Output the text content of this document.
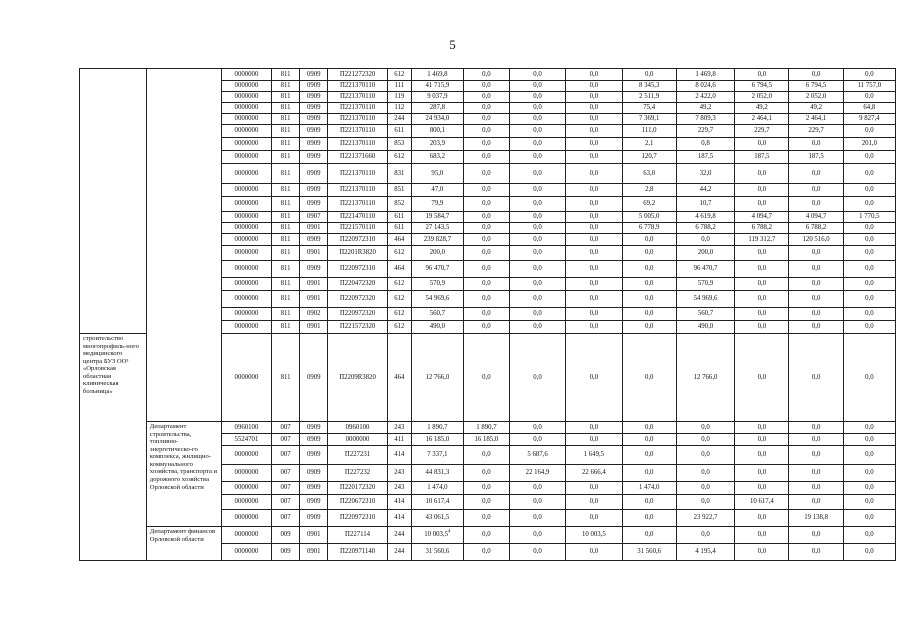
5
		0000000	811	0909	П221272320	612	1 469,8	0,0	0,0	0,0	0,0	1 469,8	0,0	0,0	0,0
		0000000	811	0909	П221370110	111	41 715,9	0,0	0,0	0,0	8 345,3	8 024,6	6 794,5	6 794,5	11 757,0
		0000000	811	0909	П221370110	119	9 037,9	0,0	0,0	0,0	2 511,9	2 422,0	2 052,0	2 052,0	0,0
		0000000	811	0909	П221370110	112	287,8	0,0	0,0	0,0	75,4	49,2	49,2	49,2	64,8
		0000000	811	0909	П221370110	244	24 934,0	0,0	0,0	0,0	7 369,1	7 809,3	2 464,1	2 464,1	9 827,4
		0000000	811	0909	П221370110	611	800,1	0,0	0,0	0,0	111,0	229,7	229,7	229,7	0,0
		0000000	811	0909	П221370110	853	203,9	0,0	0,0	0,0	2,1	0,8	0,0	0,0	201,0
		0000000	811	0909	П221371660	612	683,2	0,0	0,0	0,0	120,7	187,5	187,5	187,5	0,0
		0000000	811	0909	П221370110	831	95,0	0,0	0,0	0,0	63,0	32,0	0,0	0,0	0,0
		0000000	811	0909	П221370110	851	47,0	0,0	0,0	0,0	2,8	44,2	0,0	0,0	0,0
		0000000	811	0909	П221370110	852	79,9	0,0	0,0	0,0	69,2	10,7	0,0	0,0	0,0
		0000000	811	0907	П221470110	611	19 584,7	0,0	0,0	0,0	5 005,0	4 619,8	4 094,7	4 094,7	1 770,5
		0000000	811	0901	П221570110	611	27 143,5	0,0	0,0	0,0	6 778,9	6 788,2	6 788,2	6 788,2	0,0
		0000000	811	0909	П220972310	464	239 828,7	0,0	0,0	0,0	0,0	0,0	119 312,7	120 516,0	0,0
		0000000	811	0901	П2201R3820	612	200,0	0,0	0,0	0,0	0,0	200,0	0,0	0,0	0,0
		0000000	811	0909	П220972310	464	96 470,7	0,0	0,0	0,0	0,0	96 470,7	0,0	0,0	0,0
		0000000	811	0901	П220472320	612	570,9	0,0	0,0	0,0	0,0	570,9	0,0	0,0	0,0
		0000000	811	0901	П220972320	612	54 969,6	0,0	0,0	0,0	0,0	54 969,6	0,0	0,0	0,0
		0000000	811	0902	П220972320	612	560,7	0,0	0,0	0,0	0,0	560,7	0,0	0,0	0,0
		0000000	811	0901	П221572320	612	490,0	0,0	0,0	0,0	0,0	490,0	0,0	0,0	0,0
строительство многопрофиль-ного медицинского центра БУЗ ОО³ «Орловская областная клиническая больница»		0000000	811	0909	П2209R3820	464	12 766,0	0,0	0,0	0,0	0,0	12 766,0	0,0	0,0	0,0
	Департамент строительства, топливно-энергетическо-го комплекса, жилищно-коммунального хозяйства, транспорта и дорожного хозяйства Орловской области	0960100	007	0909	0960100	243	1 890,7	1 890,7	0,0	0,0	0,0	0,0	0,0	0,0	0,0
		5524701	007	0909	0000000	411	16 185,0	16 185,0	0,0	0,0	0,0	0,0	0,0	0,0	0,0
		0000000	007	0909	П227231	414	7 337,1	0,0	5 687,6	1 649,5	0,0	0,0	0,0	0,0	0,0
		0000000	007	0909	П227232	243	44 831,3	0,0	22 164,9	22 666,4	0,0	0,0	0,0	0,0	0,0
		0000000	007	0909	П220172320	243	1 474,0	0,0	0,0	0,0	1 474,0	0,0	0,0	0,0	0,0
		0000000	007	0909	П220672310	414	10 617,4	0,0	0,0	0,0	0,0	0,0	10 617,4	0,0	0,0
		0000000	007	0909	П220972310	414	43 061,5	0,0	0,0	0,0	0,0	23 922,7	0,0	19 138,8	0,0
	Департамент финансов Орловской области	0000000	009	0901	П227114	244	10 003,5$^4$	0,0	0,0	10 003,5	0,0	0,0	0,0	0,0	0,0
		0000000	009	0901	П220971140	244	31 560,6	0,0	0,0	0,0	31 560,6	4 195,4	0,0	0,0	0,0
